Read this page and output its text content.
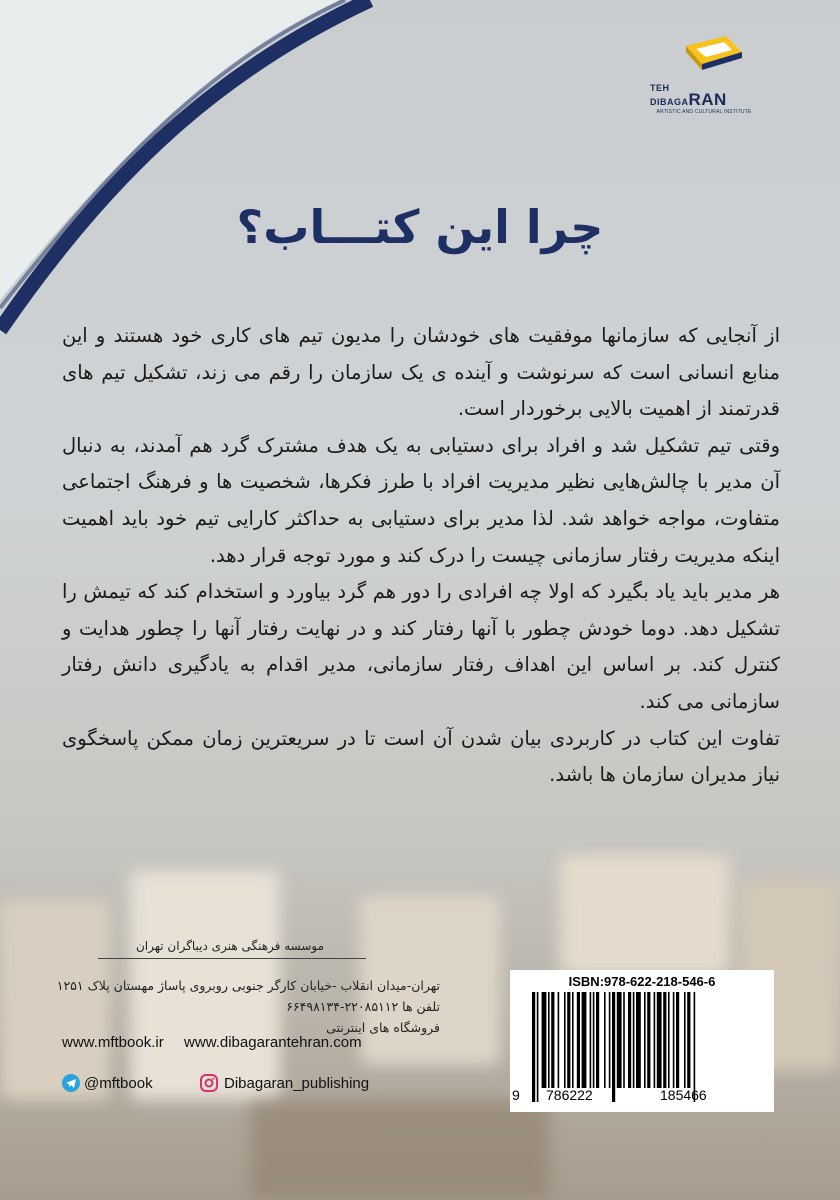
TEH
DIBAGARAN
ARTISTIC AND CULTURAL INSTITUTE
چرا این کتـــاب؟

از آنجایی که سازمانها موفقیت های خودشان را مدیون تیم های کاری خود هستند و این منابع انسانی است که سرنوشت و آینده ی یک سازمان را رقم می زند، تشکیل تیم های قدرتمند از اهمیت بالایی برخوردار است.

وقتی تیم تشکیل شد و افراد برای دستیابی به یک هدف مشترک گرد هم آمدند، به دنبال آن مدیر با چالش‌هایی نظیر مدیریت افراد با طرز فکرها، شخصیت ها و فرهنگ اجتماعی متفاوت، مواجه خواهد شد. لذا مدیر برای دستیابی به حداکثر کارایی تیم خود باید اهمیت اینکه مدیریت رفتار سازمانی چیست را درک کند و مورد توجه قرار دهد.

هر مدیر باید یاد بگیرد که اولا چه افرادی را دور هم گرد بیاورد و استخدام کند که تیمش را تشکیل دهد. دوما خودش چطور با آنها رفتار کند و در نهایت رفتار آنها را چطور هدایت و کنترل کند. بر اساس این اهداف رفتار سازمانی، مدیر اقدام به یادگیری دانش رفتار سازمانی می کند.

تفاوت این کتاب در کاربردی بیان شدن آن است تا در سریعترین زمان ممکن پاسخگوی نیاز مدیران سازمان ها باشد.

موسسه فرهنگی هنری دیباگران تهران
تهران-میدان انقلاب -خیابان کارگر جنوبی روبروی پاساژ مهستان پلاک ۱۲۵۱
تلفن ها ۲۲۰۸۵۱۱۲-۶۶۴۹۸۱۳۴
فروشگاه های اینترنتی
www.mftbook.ir www.dibagarantehran.com
@mftbook	Dibagaran_publishing
ISBN:978-622-218-546-6
9 786222	185466
